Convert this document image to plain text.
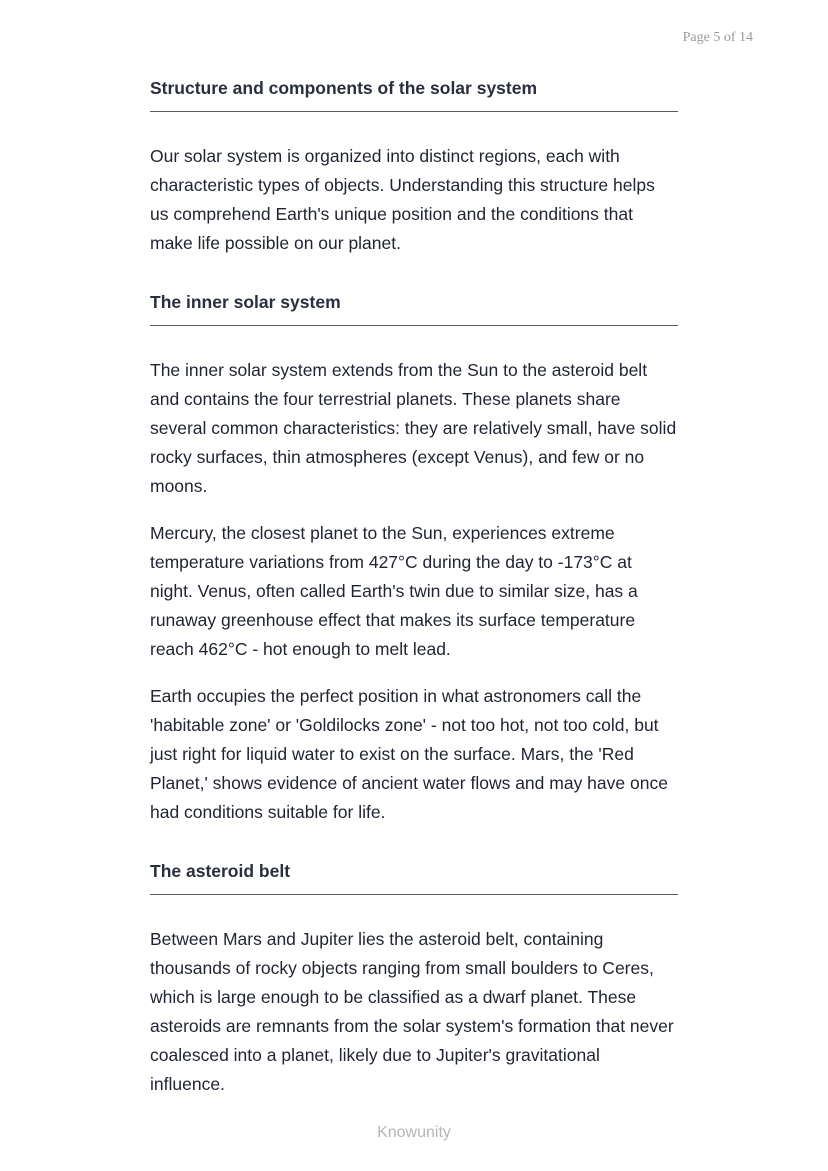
Page 5 of 14
Structure and components of the solar system

Our solar system is organized into distinct regions, each with characteristic types of objects. Understanding this structure helps us comprehend Earth's unique position and the conditions that make life possible on our planet.

The inner solar system

The inner solar system extends from the Sun to the asteroid belt and contains the four terrestrial planets. These planets share several common characteristics: they are relatively small, have solid rocky surfaces, thin atmospheres (except Venus), and few or no moons.

Mercury, the closest planet to the Sun, experiences extreme temperature variations from 427°C during the day to -173°C at night. Venus, often called Earth's twin due to similar size, has a runaway greenhouse effect that makes its surface temperature reach 462°C - hot enough to melt lead.

Earth occupies the perfect position in what astronomers call the 'habitable zone' or 'Goldilocks zone' - not too hot, not too cold, but just right for liquid water to exist on the surface. Mars, the 'Red Planet,' shows evidence of ancient water flows and may have once had conditions suitable for life.

The asteroid belt

Between Mars and Jupiter lies the asteroid belt, containing thousands of rocky objects ranging from small boulders to Ceres, which is large enough to be classified as a dwarf planet. These asteroids are remnants from the solar system's formation that never coalesced into a planet, likely due to Jupiter's gravitational influence.

Knowunity
